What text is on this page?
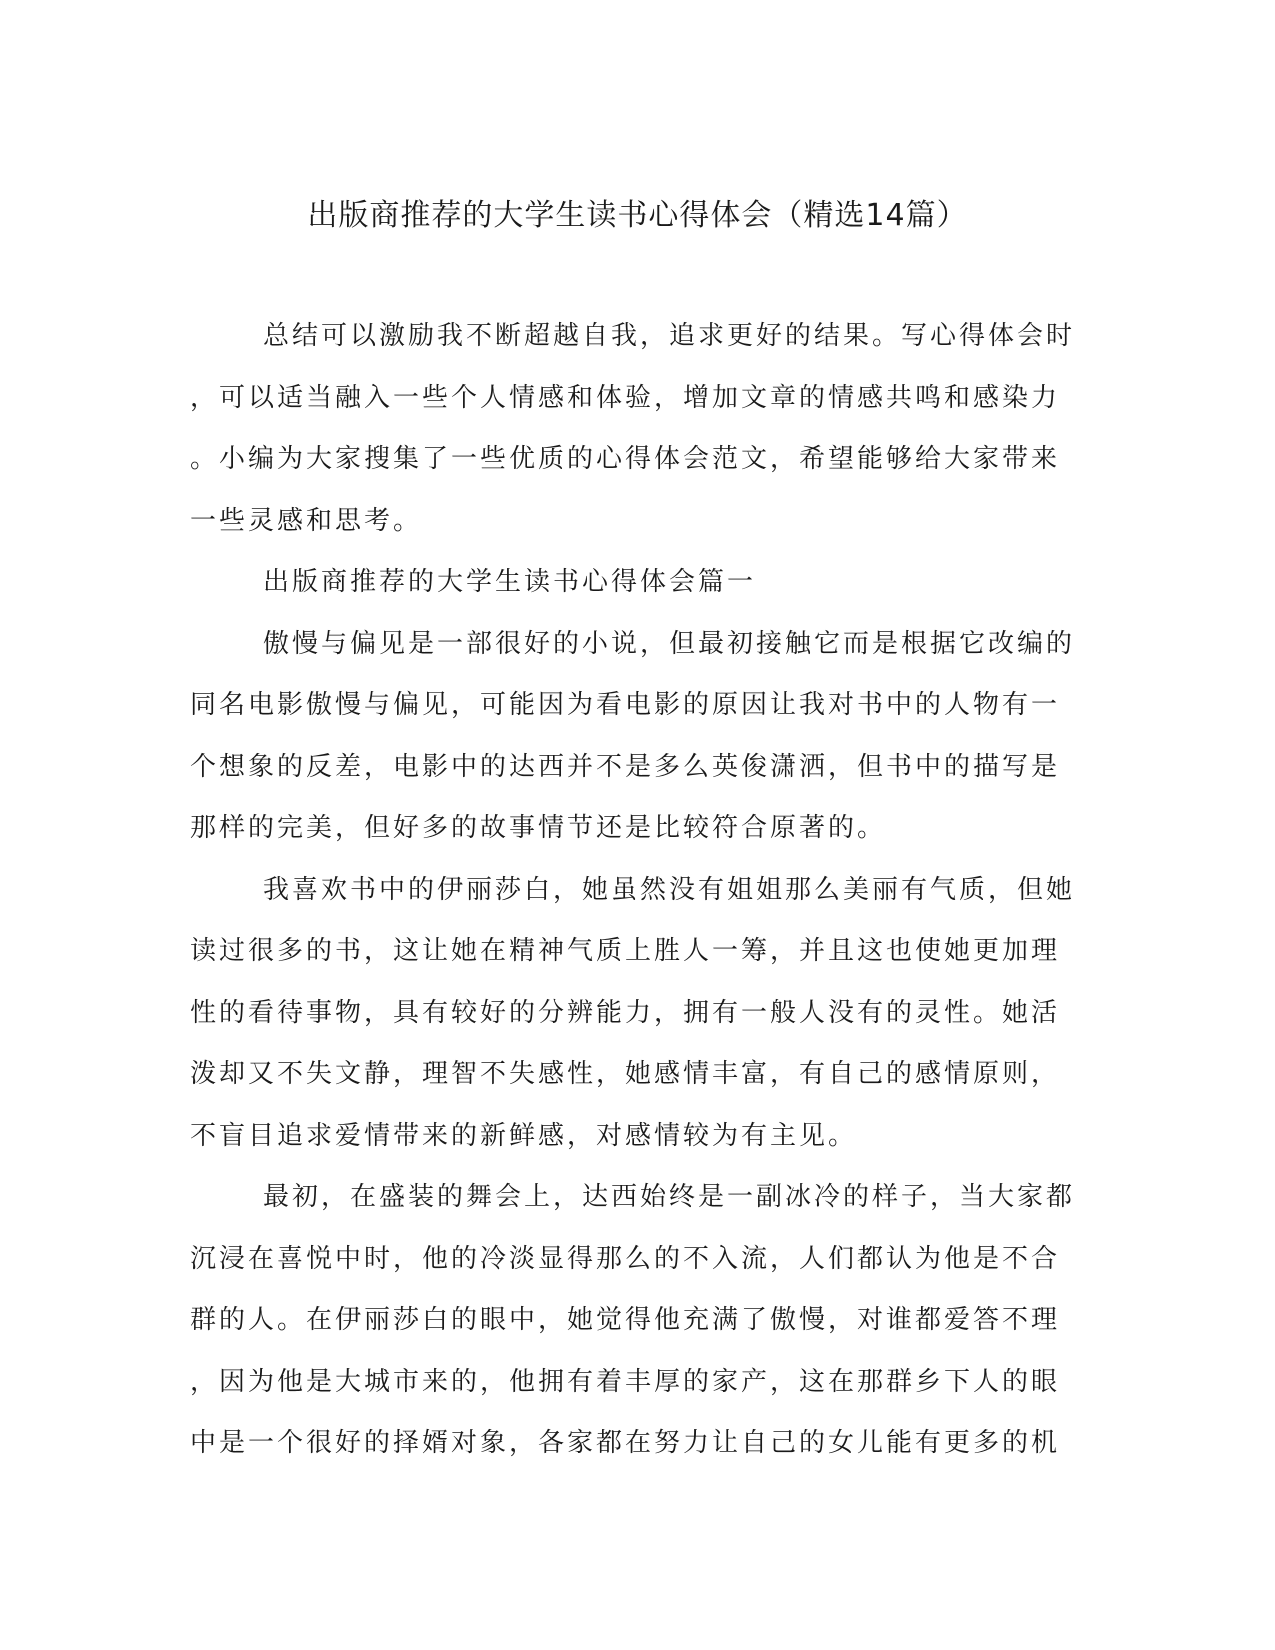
出版商推荐的大学生读书心得体会（精选14篇）
总结可以激励我不断超越自我，追求更好的结果。写心得体会时
，可以适当融入一些个人情感和体验，增加文章的情感共鸣和感染力
。小编为大家搜集了一些优质的心得体会范文，希望能够给大家带来
一些灵感和思考。
出版商推荐的大学生读书心得体会篇一
傲慢与偏见是一部很好的小说，但最初接触它而是根据它改编的
同名电影傲慢与偏见，可能因为看电影的原因让我对书中的人物有一
个想象的反差，电影中的达西并不是多么英俊潇洒，但书中的描写是
那样的完美，但好多的故事情节还是比较符合原著的。
我喜欢书中的伊丽莎白，她虽然没有姐姐那么美丽有气质，但她
读过很多的书，这让她在精神气质上胜人一筹，并且这也使她更加理
性的看待事物，具有较好的分辨能力，拥有一般人没有的灵性。她活
泼却又不失文静，理智不失感性，她感情丰富，有自己的感情原则，
不盲目追求爱情带来的新鲜感，对感情较为有主见。
最初，在盛装的舞会上，达西始终是一副冰冷的样子，当大家都
沉浸在喜悦中时，他的冷淡显得那么的不入流，人们都认为他是不合
群的人。在伊丽莎白的眼中，她觉得他充满了傲慢，对谁都爱答不理
，因为他是大城市来的，他拥有着丰厚的家产，这在那群乡下人的眼
中是一个很好的择婿对象，各家都在努力让自己的女儿能有更多的机
